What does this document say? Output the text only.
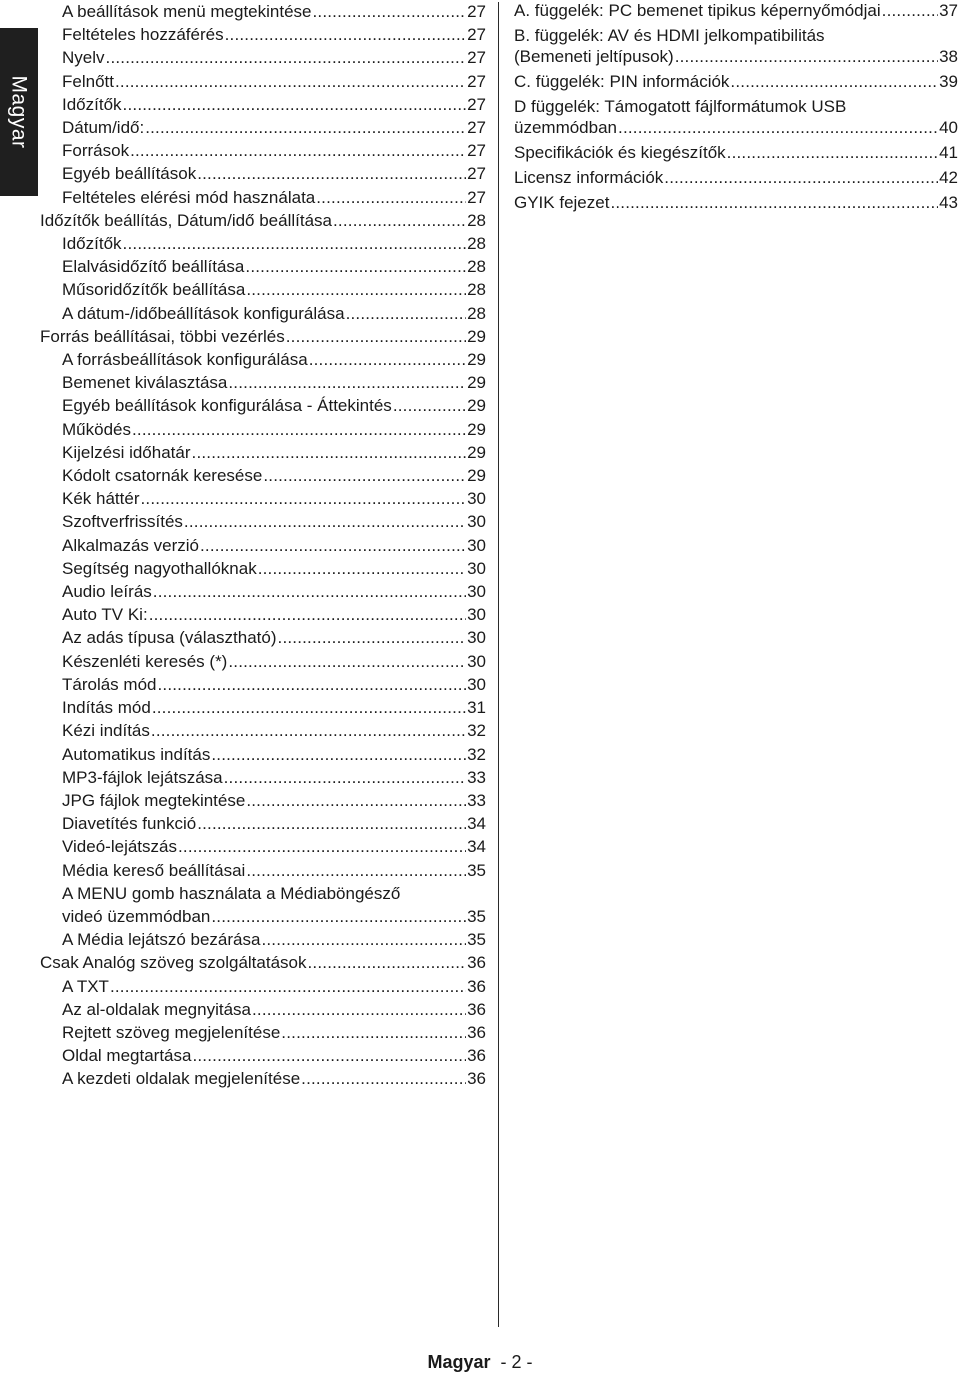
Magyar
A beállítások menü megtekintése .....	27
Feltételes hozzáférés .....	27
Nyelv .....	27
Felnőtt .....	27
Időzítők .....	27
Dátum/idő: .....	27
Források .....	27
Egyéb beállítások .....	27
Feltételes elérési mód használata .....	27
Időzítők beállítás, Dátum/idő beállítása .....	28
Időzítők .....	28
Elalvásidőzítő beállítása .....	28
Műsoridőzítők beállítása .....	28
A dátum-/időbeállítások konfigurálása .....	28
Forrás beállításai, többi vezérlés .....	29
A forrásbeállítások konfigurálása .....	29
Bemenet kiválasztása .....	29
Egyéb beállítások konfigurálása - Áttekintés .....	29
Működés .....	29
Kijelzési időhatár .....	29
Kódolt csatornák keresése .....	29
Kék háttér .....	30
Szoftverfrissítés .....	30
Alkalmazás verzió .....	30
Segítség nagyothallóknak .....	30
Audio leírás .....	30
Auto TV Ki: .....	30
Az adás típusa (választható) .....	30
Készenléti keresés (*) .....	30
Tárolás mód .....	30
Indítás mód .....	31
Kézi indítás .....	32
Automatikus indítás .....	32
MP3-fájlok lejátszása .....	33
JPG fájlok megtekintése .....	33
Diavetítés funkció .....	34
Videó-lejátszás .....	34
Média kereső beállításai .....	35
A MENU gomb használata a Médiaböngésző
videó üzemmódban .....	35
A Média lejátszó bezárása .....	35
Csak Analóg szöveg szolgáltatások .....	36
A TXT .....	36
Az al-oldalak megnyitása .....	36
Rejtett szöveg megjelenítése .....	36
Oldal megtartása .....	36
A kezdeti oldalak megjelenítése .....	36
A. függelék: PC bemenet tipikus képernyőmódjai .....	37
B. függelék: AV és HDMI jelkompatibilitás
(Bemeneti jeltípusok) .....	38
C. függelék: PIN információk .....	39
D függelék: Támogatott fájlformátumok USB
üzemmódban .....	40
Specifikációk és kiegészítők .....	41
Licensz információk .....	42
GYIK fejezet .....	43
Magyar - 2 -
